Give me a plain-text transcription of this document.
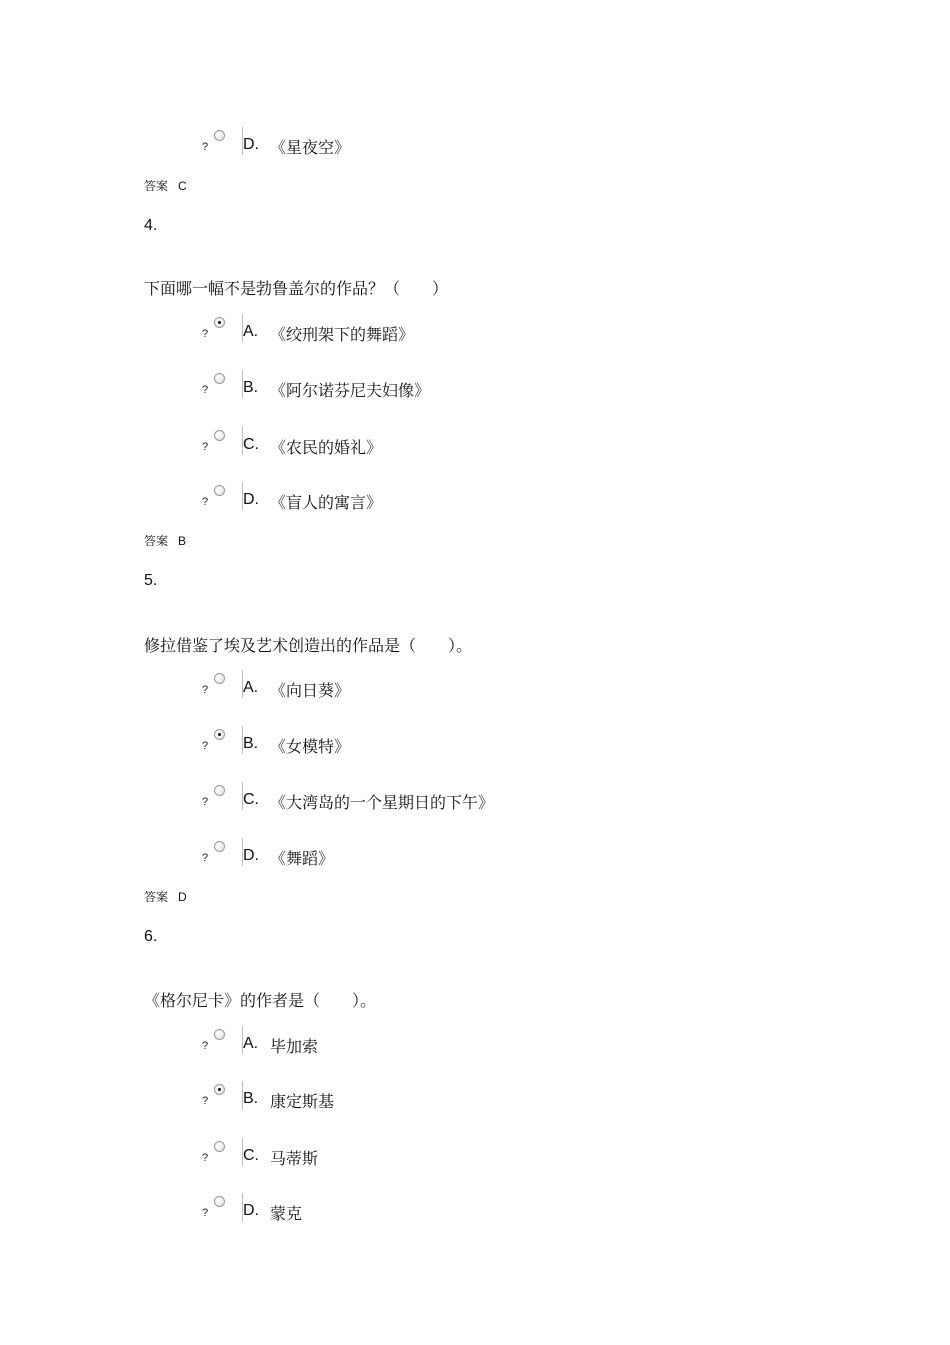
? D. 《星夜空》
答案 C
4.
下面哪一幅不是勃鲁盖尔的作品？（　　）
? A. 《绞刑架下的舞蹈》
? B. 《阿尔诺芬尼夫妇像》
? C. 《农民的婚礼》
? D. 《盲人的寓言》
答案 B
5.
修拉借鉴了埃及艺术创造出的作品是（　　）。
? A. 《向日葵》
? B. 《女模特》
? C. 《大湾岛的一个星期日的下午》
? D. 《舞蹈》
答案 D
6.
《格尔尼卡》的作者是（　　）。
? A. 毕加索
? B. 康定斯基
? C. 马蒂斯
? D. 蒙克
